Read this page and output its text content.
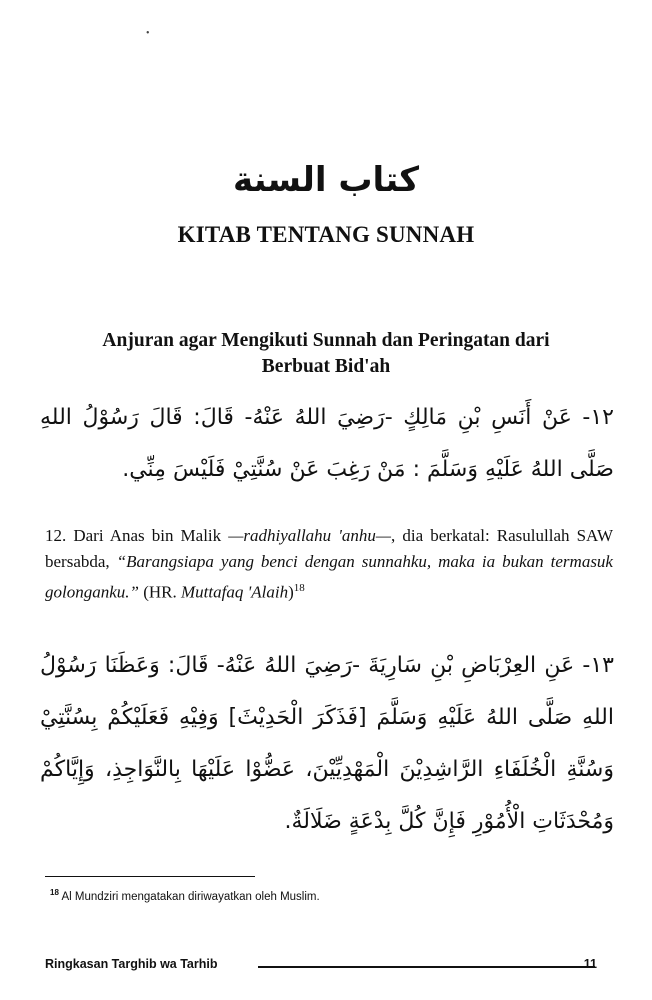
•
كتاب السنة
KITAB TENTANG SUNNAH
Anjuran agar Mengikuti Sunnah dan Peringatan dari
Berbuat Bid'ah
١٢- عَنْ أَنَسِ بْنِ مَالِكٍ -رَضِيَ اللهُ عَنْهُ- قَالَ: قَالَ رَسُوْلُ اللهِ صَلَّى اللهُ عَلَيْهِ وَسَلَّمَ : مَنْ رَغِبَ عَنْ سُنَّتِيْ فَلَيْسَ مِنِّي.
12. Dari Anas bin Malik —radhiyallahu 'anhu—, dia berkatal: Rasulullah SAW bersabda, “Barangsiapa yang benci dengan sunnahku, maka ia bukan termasuk golonganku.” (HR. Muttafaq 'Alaih)$^{18}$
١٣- عَنِ العِرْبَاضِ بْنِ سَارِيَةَ -رَضِيَ اللهُ عَنْهُ- قَالَ: وَعَظَنَا رَسُوْلُ اللهِ صَلَّى اللهُ عَلَيْهِ وَسَلَّمَ [فَذَكَرَ الْحَدِيْثَ] وَفِيْهِ فَعَلَيْكُمْ بِسُنَّتِيْ وَسُنَّةِ الْخُلَفَاءِ الرَّاشِدِيْنَ الْمَهْدِيِّيْنَ، عَضُّوْا عَلَيْهَا بِالنَّوَاجِذِ، وَإِيَّاكُمْ وَمُحْدَثَاتِ الْأُمُوْرِ فَإِنَّ كُلَّ بِدْعَةٍ ضَلَالَةٌ.
$^{18}$ Al Mundziri mengatakan diriwayatkan oleh Muslim.
Ringkasan Targhib wa Tarhib	11
